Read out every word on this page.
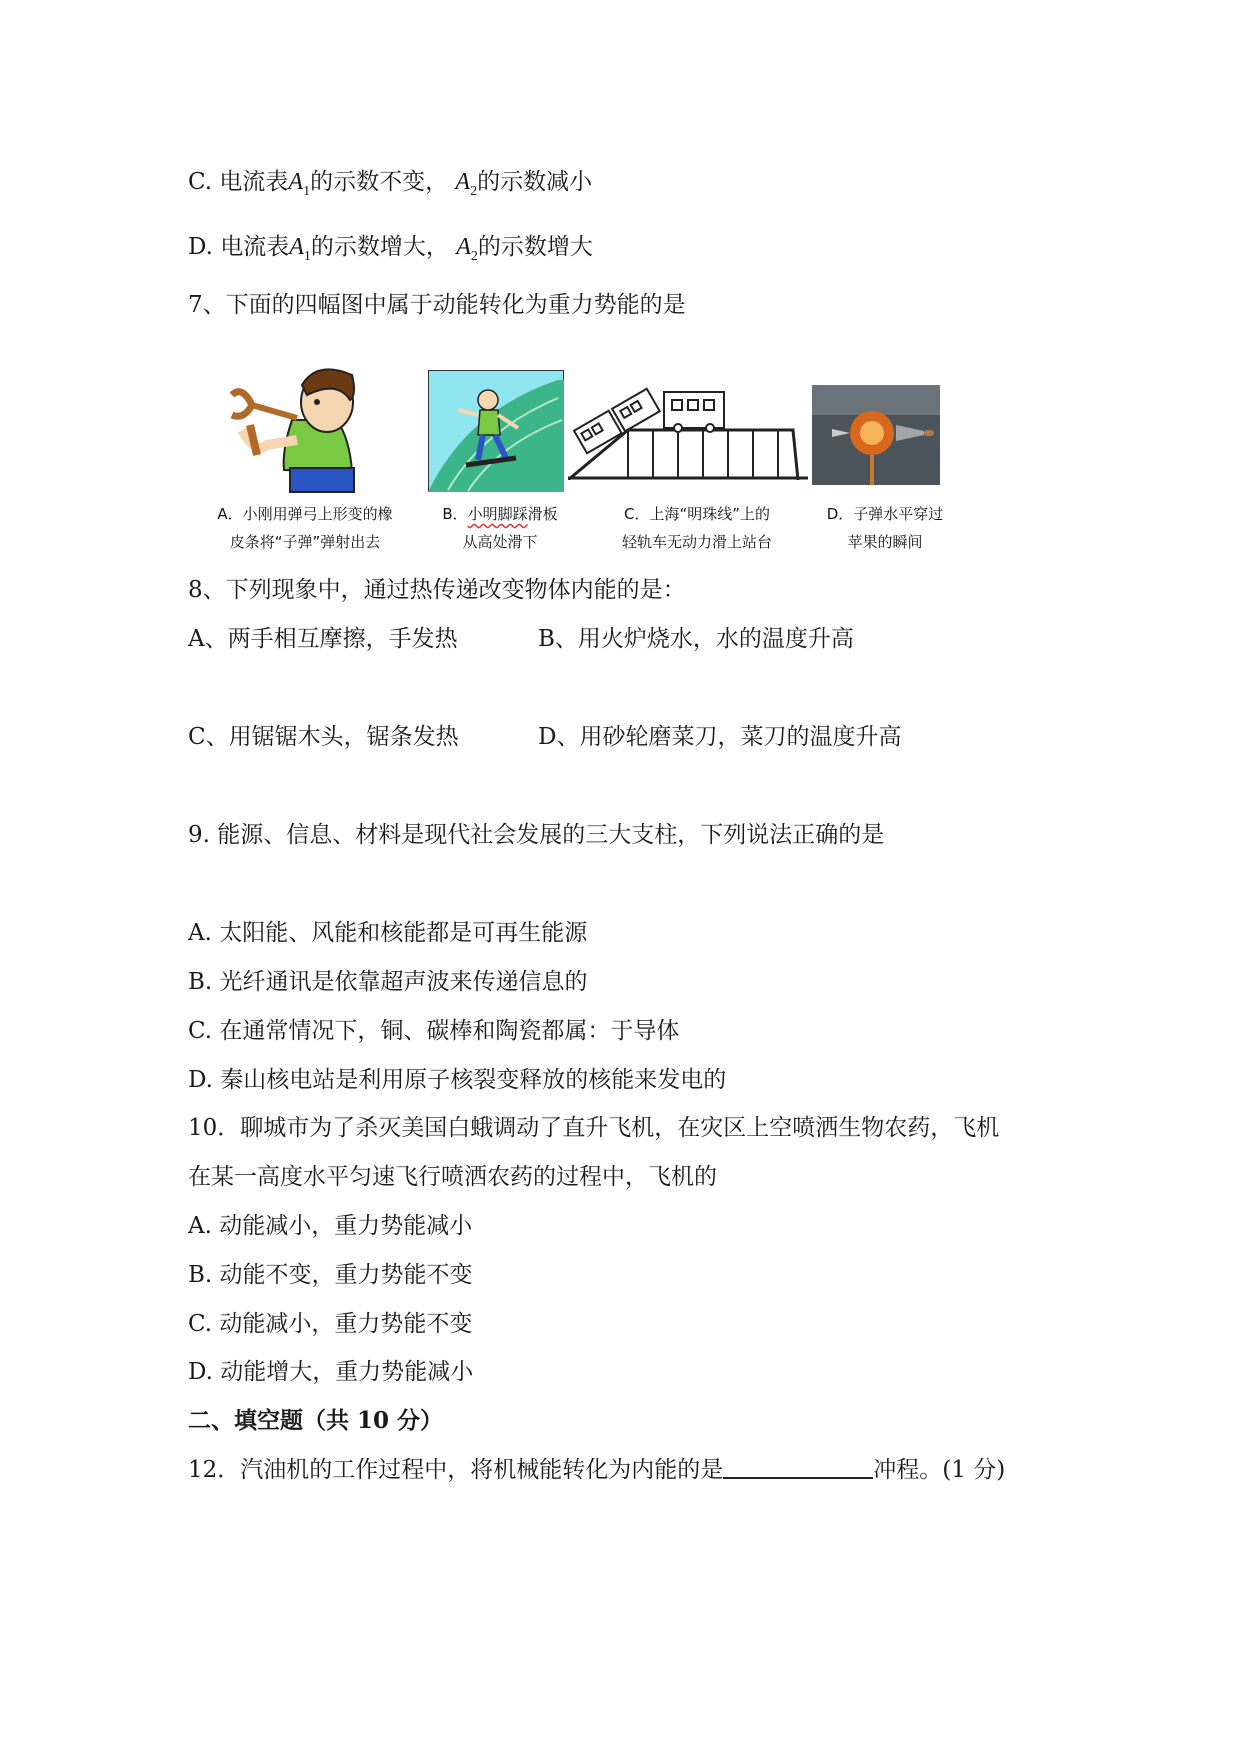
C. 电流表$A_1$的示数不变， $A_2$的示数减小
D. 电流表$A_1$的示数增大， $A_2$的示数增大
7、下面的四幅图中属于动能转化为重力势能的是
A．小刚用弹弓上形变的橡
皮条将“子弹”弹射出去
B．小明脚踩滑板
从高处滑下
C．上海“明珠线”上的
轻轨车无动力滑上站台
D．子弹水平穿过
苹果的瞬间
8、下列现象中，通过热传递改变物体内能的是：
A、两手相互摩擦，手发热	B、用火炉烧水，水的温度升高
C、用锯锯木头，锯条发热	D、用砂轮磨菜刀，菜刀的温度升高
9. 能源、信息、材料是现代社会发展的三大支柱，下列说法正确的是
A. 太阳能、风能和核能都是可再生能源
B. 光纤通讯是依靠超声波来传递信息的
C. 在通常情况下，铜、碳棒和陶瓷都属：于导体
D. 秦山核电站是利用原子核裂变释放的核能来发电的
10．聊城市为了杀灭美国白蛾调动了直升飞机，在灾区上空喷洒生物农药，飞机
在某一高度水平匀速飞行喷洒农药的过程中，飞机的
A. 动能减小，重力势能减小
B. 动能不变，重力势能不变
C. 动能减小，重力势能不变
D. 动能增大，重力势能减小
二、填空题（共 10 分）
12．汽油机的工作过程中，将机械能转化为内能的是	冲程。(1 分)
